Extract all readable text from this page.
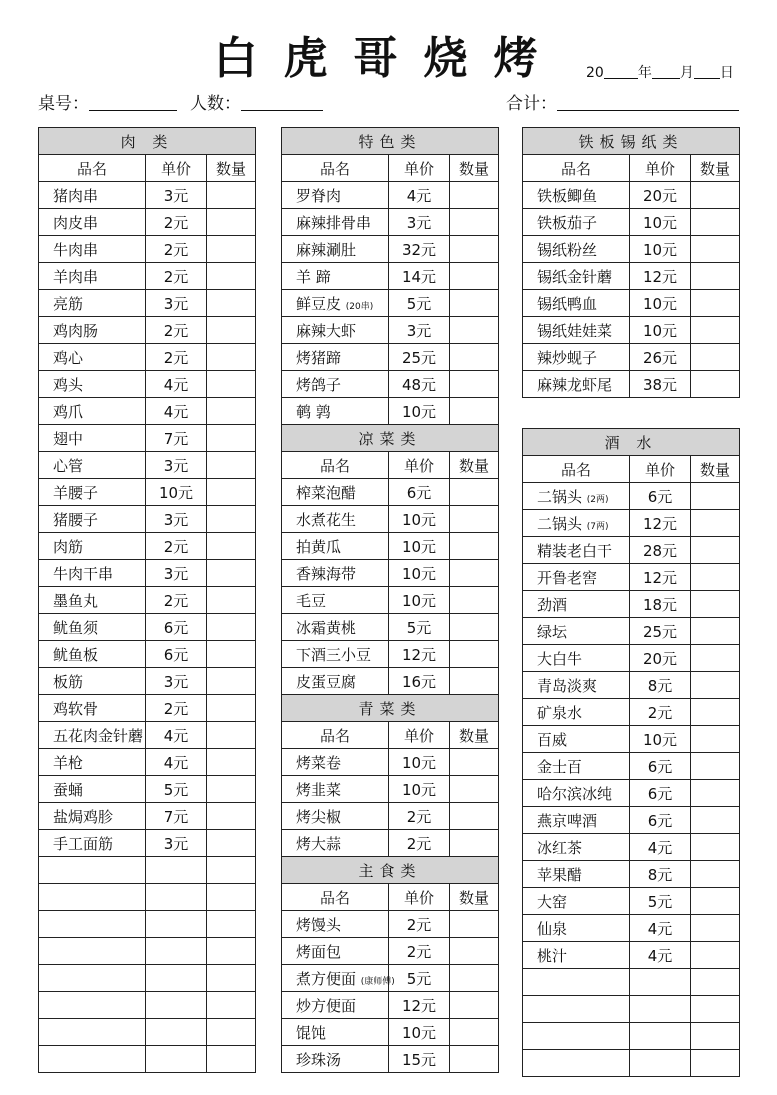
白虎哥烧烤	20 年 月 日
桌号：	人数：	合计：
肉 类		
品名	单价	数量
猪肉串	3元	
肉皮串	2元	
牛肉串	2元	
羊肉串	2元	
亮筋	3元	
鸡肉肠	2元	
鸡心	2元	
鸡头	4元	
鸡爪	4元	
翅中	7元	
心管	3元	
羊腰子	10元	
猪腰子	3元	
肉筋	2元	
牛肉干串	3元	
墨鱼丸	2元	
鱿鱼须	6元	
鱿鱼板	6元	
板筋	3元	
鸡软骨	2元	
五花肉金针蘑	4元	
羊枪	4元	
蚕蛹	5元	
盐焗鸡胗	7元	
手工面筋	3元	

特色类		
品名	单价	数量
罗脊肉	4元	
麻辣排骨串	3元	
麻辣涮肚	32元	
羊 蹄	14元	
鲜豆皮 (20串)	5元	
麻辣大虾	3元	
烤猪蹄	25元	
烤鸽子	48元	
鹌 鹑	10元	
凉菜类		
品名	单价	数量
榨菜泡醋	6元	
水煮花生	10元	
拍黄瓜	10元	
香辣海带	10元	
毛豆	10元	
冰霜黄桃	5元	
下酒三小豆	12元	
皮蛋豆腐	16元	
青菜类		
品名	单价	数量
烤菜卷	10元	
烤韭菜	10元	
烤尖椒	2元	
烤大蒜	2元	
主食类		
品名	单价	数量
烤馒头	2元	
烤面包	2元	
煮方便面 (康师傅)	5元	
炒方便面	12元	
馄饨	10元	
珍珠汤	15元	
铁板锡纸类		
品名	单价	数量
铁板鲫鱼	20元	
铁板茄子	10元	
锡纸粉丝	10元	
锡纸金针蘑	12元	
锡纸鸭血	10元	
锡纸娃娃菜	10元	
辣炒蚬子	26元	
麻辣龙虾尾	38元	
酒 水		
品名	单价	数量
二锅头 (2两)	6元	
二锅头 (7两)	12元	
精装老白干	28元	
开鲁老窖	12元	
劲酒	18元	
绿坛	25元	
大白牛	20元	
青岛淡爽	8元	
矿泉水	2元	
百威	10元	
金士百	6元	
哈尔滨冰纯	6元	
燕京啤酒	6元	
冰红茶	4元	
苹果醋	8元	
大窑	5元	
仙泉	4元	
桃汁	4元	
